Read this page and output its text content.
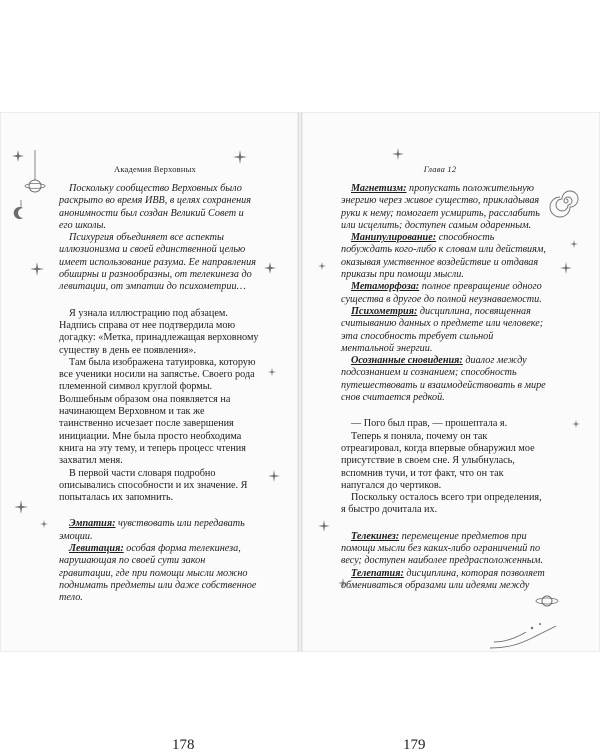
Академия Верховных	Глава 12

Поскольку сообщество Верховных было раскрыто во время ИВВ, в целях сохранения анонимности был создан Великий Совет и его школы.

Психургия объединяет все аспекты иллюзионизма и своей единственной целью имеет использование разума. Ее направления обширны и разнообразны, от телекинеза до левитации, от эмпатии до психометрии…

Я узнала иллюстрацию под абзацем. Надпись справа от нее подтвердила мою догадку: «Метка, принадлежащая верховному существу в день ее появления».

Там была изображена татуировка, которую все ученики носили на запястье. Своего рода племенной символ круглой формы. Волшебным образом она появляется на начинающем Верховном и так же таинственно исчезает после завершения инициации. Мне была просто необходима книга на эту тему, и теперь процесс чтения захватил меня.

В первой части словаря подробно описывались способности и их значение. Я попыталась их запомнить.

Эмпатия: чувствовать или передавать эмоции.

Левитация: особая форма телекинеза, нарушающая по своей сути закон гравитации, где при помощи мысли можно поднимать предметы или даже собственное тело.

Магнетизм: пропускать положительную энергию через живое существо, прикладывая руки к нему; помогает усмирить, расслабить или исцелить; доступен самым одаренным.

Манипулирование: способность побуждать кого-либо к словам или действиям, оказывая умственное воздействие и отдавая приказы при помощи мысли.

Метаморфоза: полное превращение одного существа в другое до полной неузнаваемости.

Психометрия: дисциплина, посвященная считыванию данных о предмете или человеке; эта способность требует сильной ментальной энергии.

Осознанные сновидения: диалог между подсознанием и сознанием; способность путешествовать и взаимодействовать в мире снов считается редкой.

— Пого был прав, — прошептала я.

Теперь я поняла, почему он так отреагировал, когда впервые обнаружил мое присутствие в своем сне. Я улыбнулась, вспомнив тучи, и тот факт, что он так напугался до чертиков.

Поскольку осталось всего три определения, я быстро дочитала их.

Телекинез: перемещение предметов при помощи мысли без каких-либо ограничений по весу; доступен наиболее предрасположенным.

Телепатия: дисциплина, которая позволяет обмениваться образами или идеями между

178	179
